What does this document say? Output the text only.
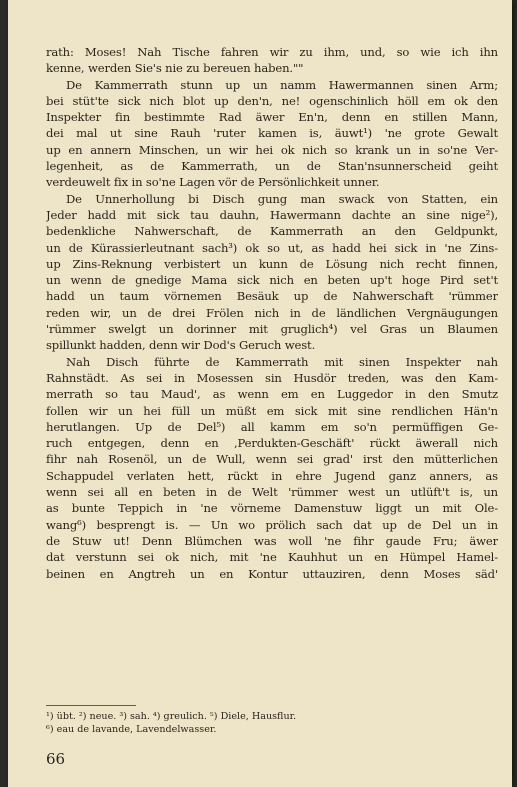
rath: Moses! Nah Tische fahren wir zu ihm, und, so wie ich ihn
kenne, werden Sie's nie zu bereuen haben.""
De Kammerrath stunn up un namm Hawermannen sinen Arm;
bei stüt'te sick nich blot up den'n, ne! ogenschinlich höll em ok den
Inspekter fin bestimmte Rad äwer En'n, denn en stillen Mann,
dei mal ut sine Rauh 'ruter kamen is, äuwt¹) 'ne grote Gewalt
up en annern Minschen, un wir hei ok nich so krank un in so'ne Ver-
legenheit, as de Kammerrath, un de Stan'nsunnerscheid geiht
verdeuwelt fix in so'ne Lagen vör de Persönlichkeit unner.
De Unnerhollung bi Disch gung man swack von Statten, ein
Jeder hadd mit sick tau dauhn, Hawermann dachte an sine nige²),
bedenkliche Nahwerschaft, de Kammerrath an den Geldpunkt,
un de Kürassierleutnant sach³) ok so ut, as hadd hei sick in 'ne Zins-
up Zins-Reknung verbistert un kunn de Lösung nich recht finnen,
un wenn de gnedige Mama sick nich en beten up't hoge Pird set't
hadd un taum vörnemen Besäuk up de Nahwerschaft 'rümmer
reden wir, un de drei Frölen nich in de ländlichen Vergnäugungen
'rümmer swelgt un dorinner mit gruglich⁴) vel Gras un Blaumen
spillunkt hadden, denn wir Dod's Geruch west.
Nah Disch führte de Kammerrath mit sinen Inspekter nah
Rahnstädt. As sei in Mosessen sin Husdör treden, was den Kam-
merrath so tau Maud', as wenn em en Luggedor in den Smutz
follen wir un hei füll un müßt em sick mit sine rendlichen Hän'n
herutlangen. Up de Del⁵) all kamm em so'n permüffigen Ge-
ruch entgegen, denn en ,Perdukten-Geschäft' rückt äwerall nich
fihr nah Rosenöl, un de Wull, wenn sei grad' irst den mütterlichen
Schappudel verlaten hett, rückt in ehre Jugend ganz anners, as
wenn sei all en beten in de Welt 'rümmer west un utlüft't is, un
as bunte Teppich in 'ne vörneme Damenstuw liggt un mit Ole-
wang⁶) besprengt is. — Un wo prölich sach dat up de Del un in
de Stuw ut! Denn Blümchen was woll 'ne fihr gaude Fru; äwer
dat verstunn sei ok nich, mit 'ne Kauhhut un en Hümpel Hamel-
beinen en Angtreh un en Kontur uttauziren, denn Moses säd'
¹) übt. ²) neue. ³) sah. ⁴) greulich. ⁵) Diele, Hausflur.
⁶) eau de lavande, Lavendelwasser.
66
